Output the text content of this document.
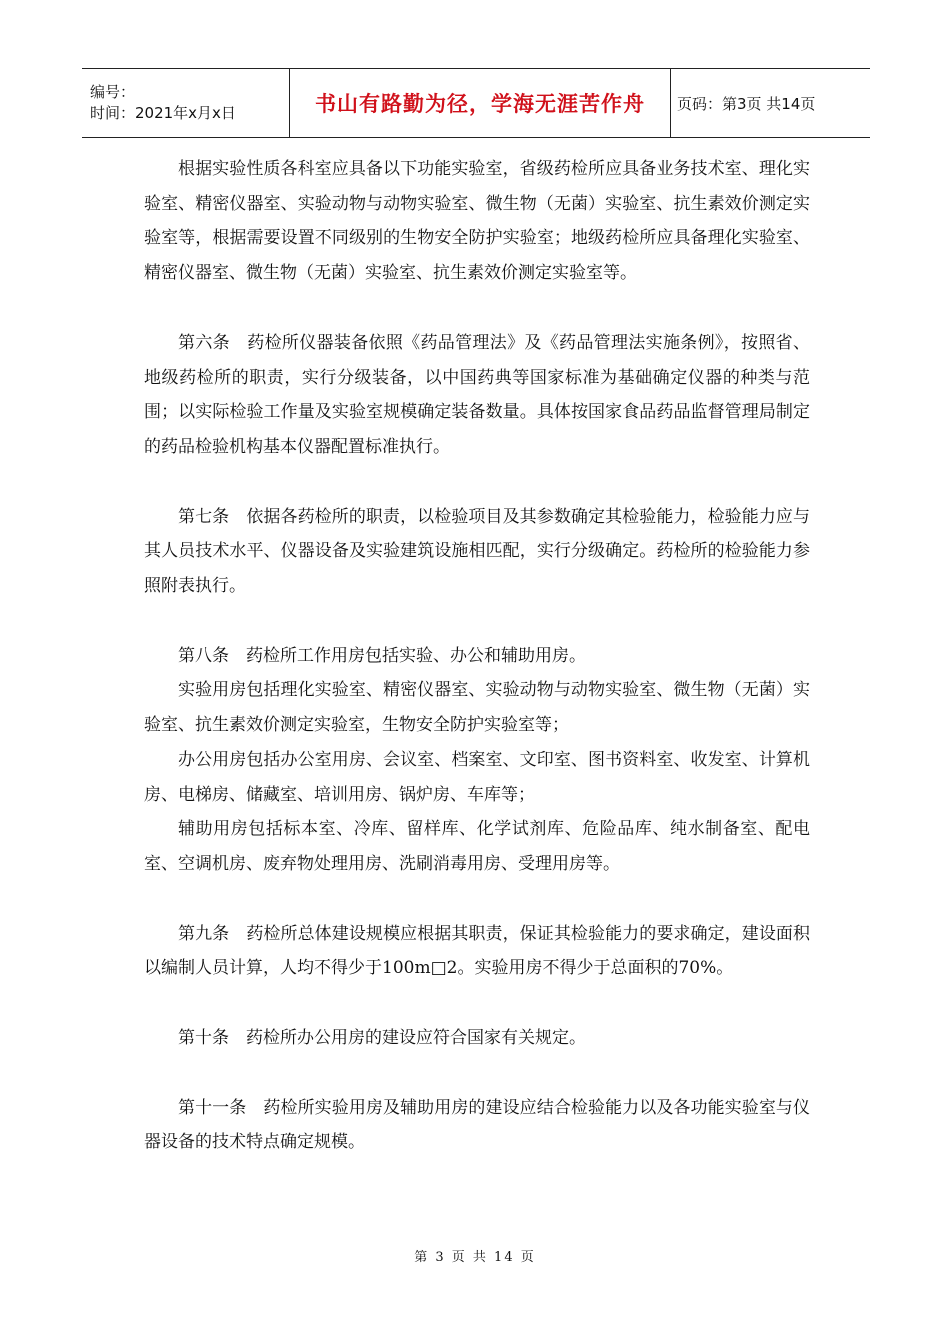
编号：
时间：2021年x月x日	书山有路勤为径，学海无涯苦作舟 页码：第3页 共14页

根据实验性质各科室应具备以下功能实验室，省级药检所应具备业务技术室、理化实验室、精密仪器室、实验动物与动物实验室、微生物（无菌）实验室、抗生素效价测定实验室等，根据需要设置不同级别的生物安全防护实验室；地级药检所应具备理化实验室、精密仪器室、微生物（无菌）实验室、抗生素效价测定实验室等。

第六条　药检所仪器装备依照《药品管理法》及《药品管理法实施条例》，按照省、地级药检所的职责，实行分级装备，以中国药典等国家标准为基础确定仪器的种类与范围；以实际检验工作量及实验室规模确定装备数量。具体按国家食品药品监督管理局制定的药品检验机构基本仪器配置标准执行。

第七条　依据各药检所的职责，以检验项目及其参数确定其检验能力，检验能力应与其人员技术水平、仪器设备及实验建筑设施相匹配，实行分级确定。药检所的检验能力参照附表执行。

第八条　药检所工作用房包括实验、办公和辅助用房。

实验用房包括理化实验室、精密仪器室、实验动物与动物实验室、微生物（无菌）实验室、抗生素效价测定实验室，生物安全防护实验室等；

办公用房包括办公室用房、会议室、档案室、文印室、图书资料室、收发室、计算机房、电梯房、储藏室、培训用房、锅炉房、车库等；

辅助用房包括标本室、冷库、留样库、化学试剂库、危险品库、纯水制备室、配电室、空调机房、废弃物处理用房、洗刷消毒用房、受理用房等。

第九条　药检所总体建设规模应根据其职责，保证其检验能力的要求确定，建设面积以编制人员计算，人均不得少于100m□2。实验用房不得少于总面积的70%。

第十条　药检所办公用房的建设应符合国家有关规定。

第十一条　药检所实验用房及辅助用房的建设应结合检验能力以及各功能实验室与仪器设备的技术特点确定规模。

第 3 页 共 14 页
